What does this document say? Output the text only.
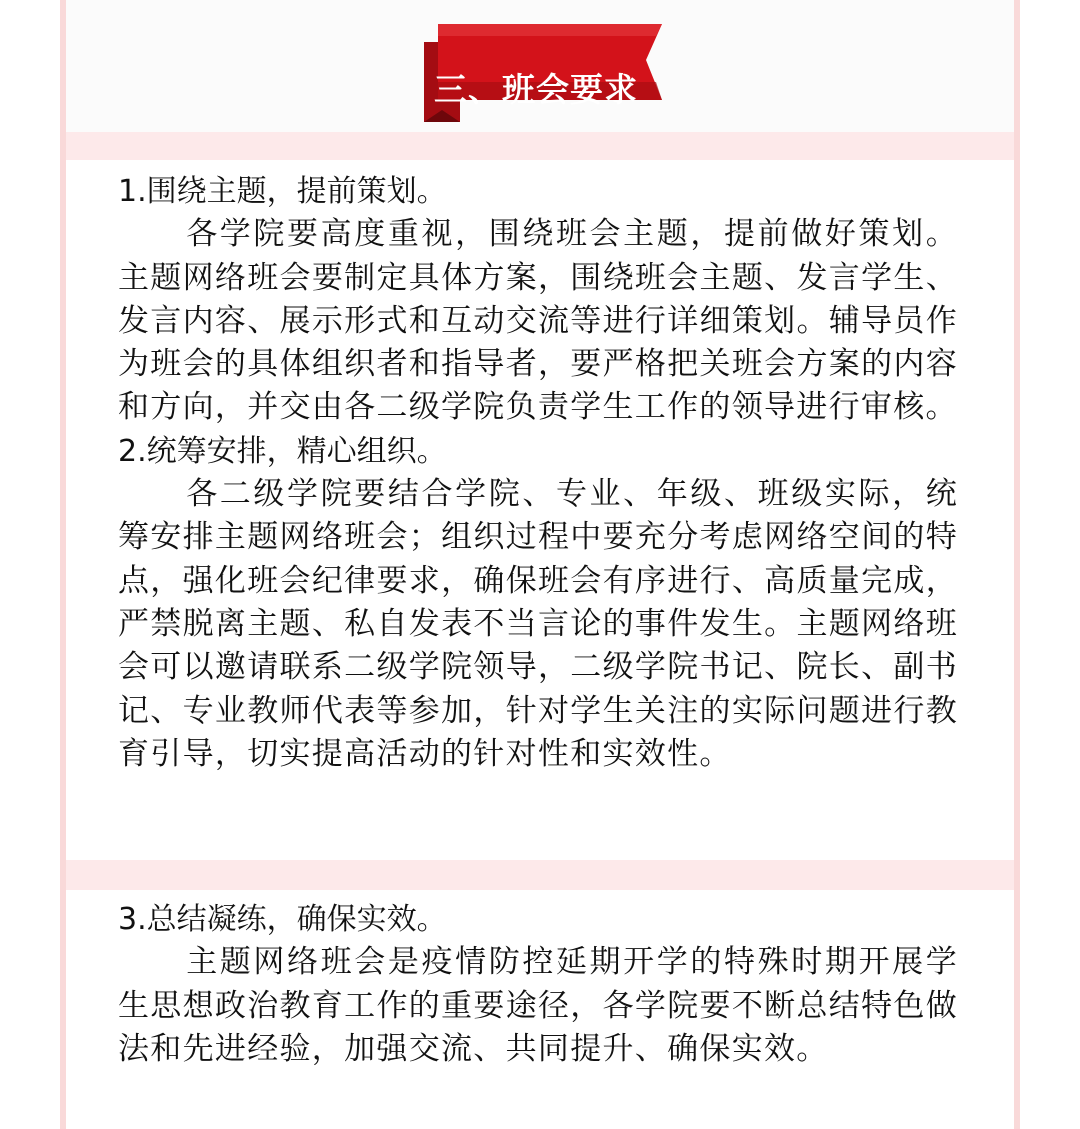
三、班会要求

1.围绕主题，提前策划。

各学院要高度重视，围绕班会主题，提前做好策划。主题网络班会要制定具体方案，围绕班会主题、发言学生、发言内容、展示形式和互动交流等进行详细策划。辅导员作为班会的具体组织者和指导者，要严格把关班会方案的内容和方向，并交由各二级学院负责学生工作的领导进行审核。

2.统筹安排，精心组织。

各二级学院要结合学院、专业、年级、班级实际，统筹安排主题网络班会；组织过程中要充分考虑网络空间的特点，强化班会纪律要求，确保班会有序进行、高质量完成，严禁脱离主题、私自发表不当言论的事件发生。主题网络班会可以邀请联系二级学院领导，二级学院书记、院长、副书记、专业教师代表等参加，针对学生关注的实际问题进行教育引导，切实提高活动的针对性和实效性。

3.总结凝练，确保实效。

主题网络班会是疫情防控延期开学的特殊时期开展学生思想政治教育工作的重要途径，各学院要不断总结特色做法和先进经验，加强交流、共同提升、确保实效。
